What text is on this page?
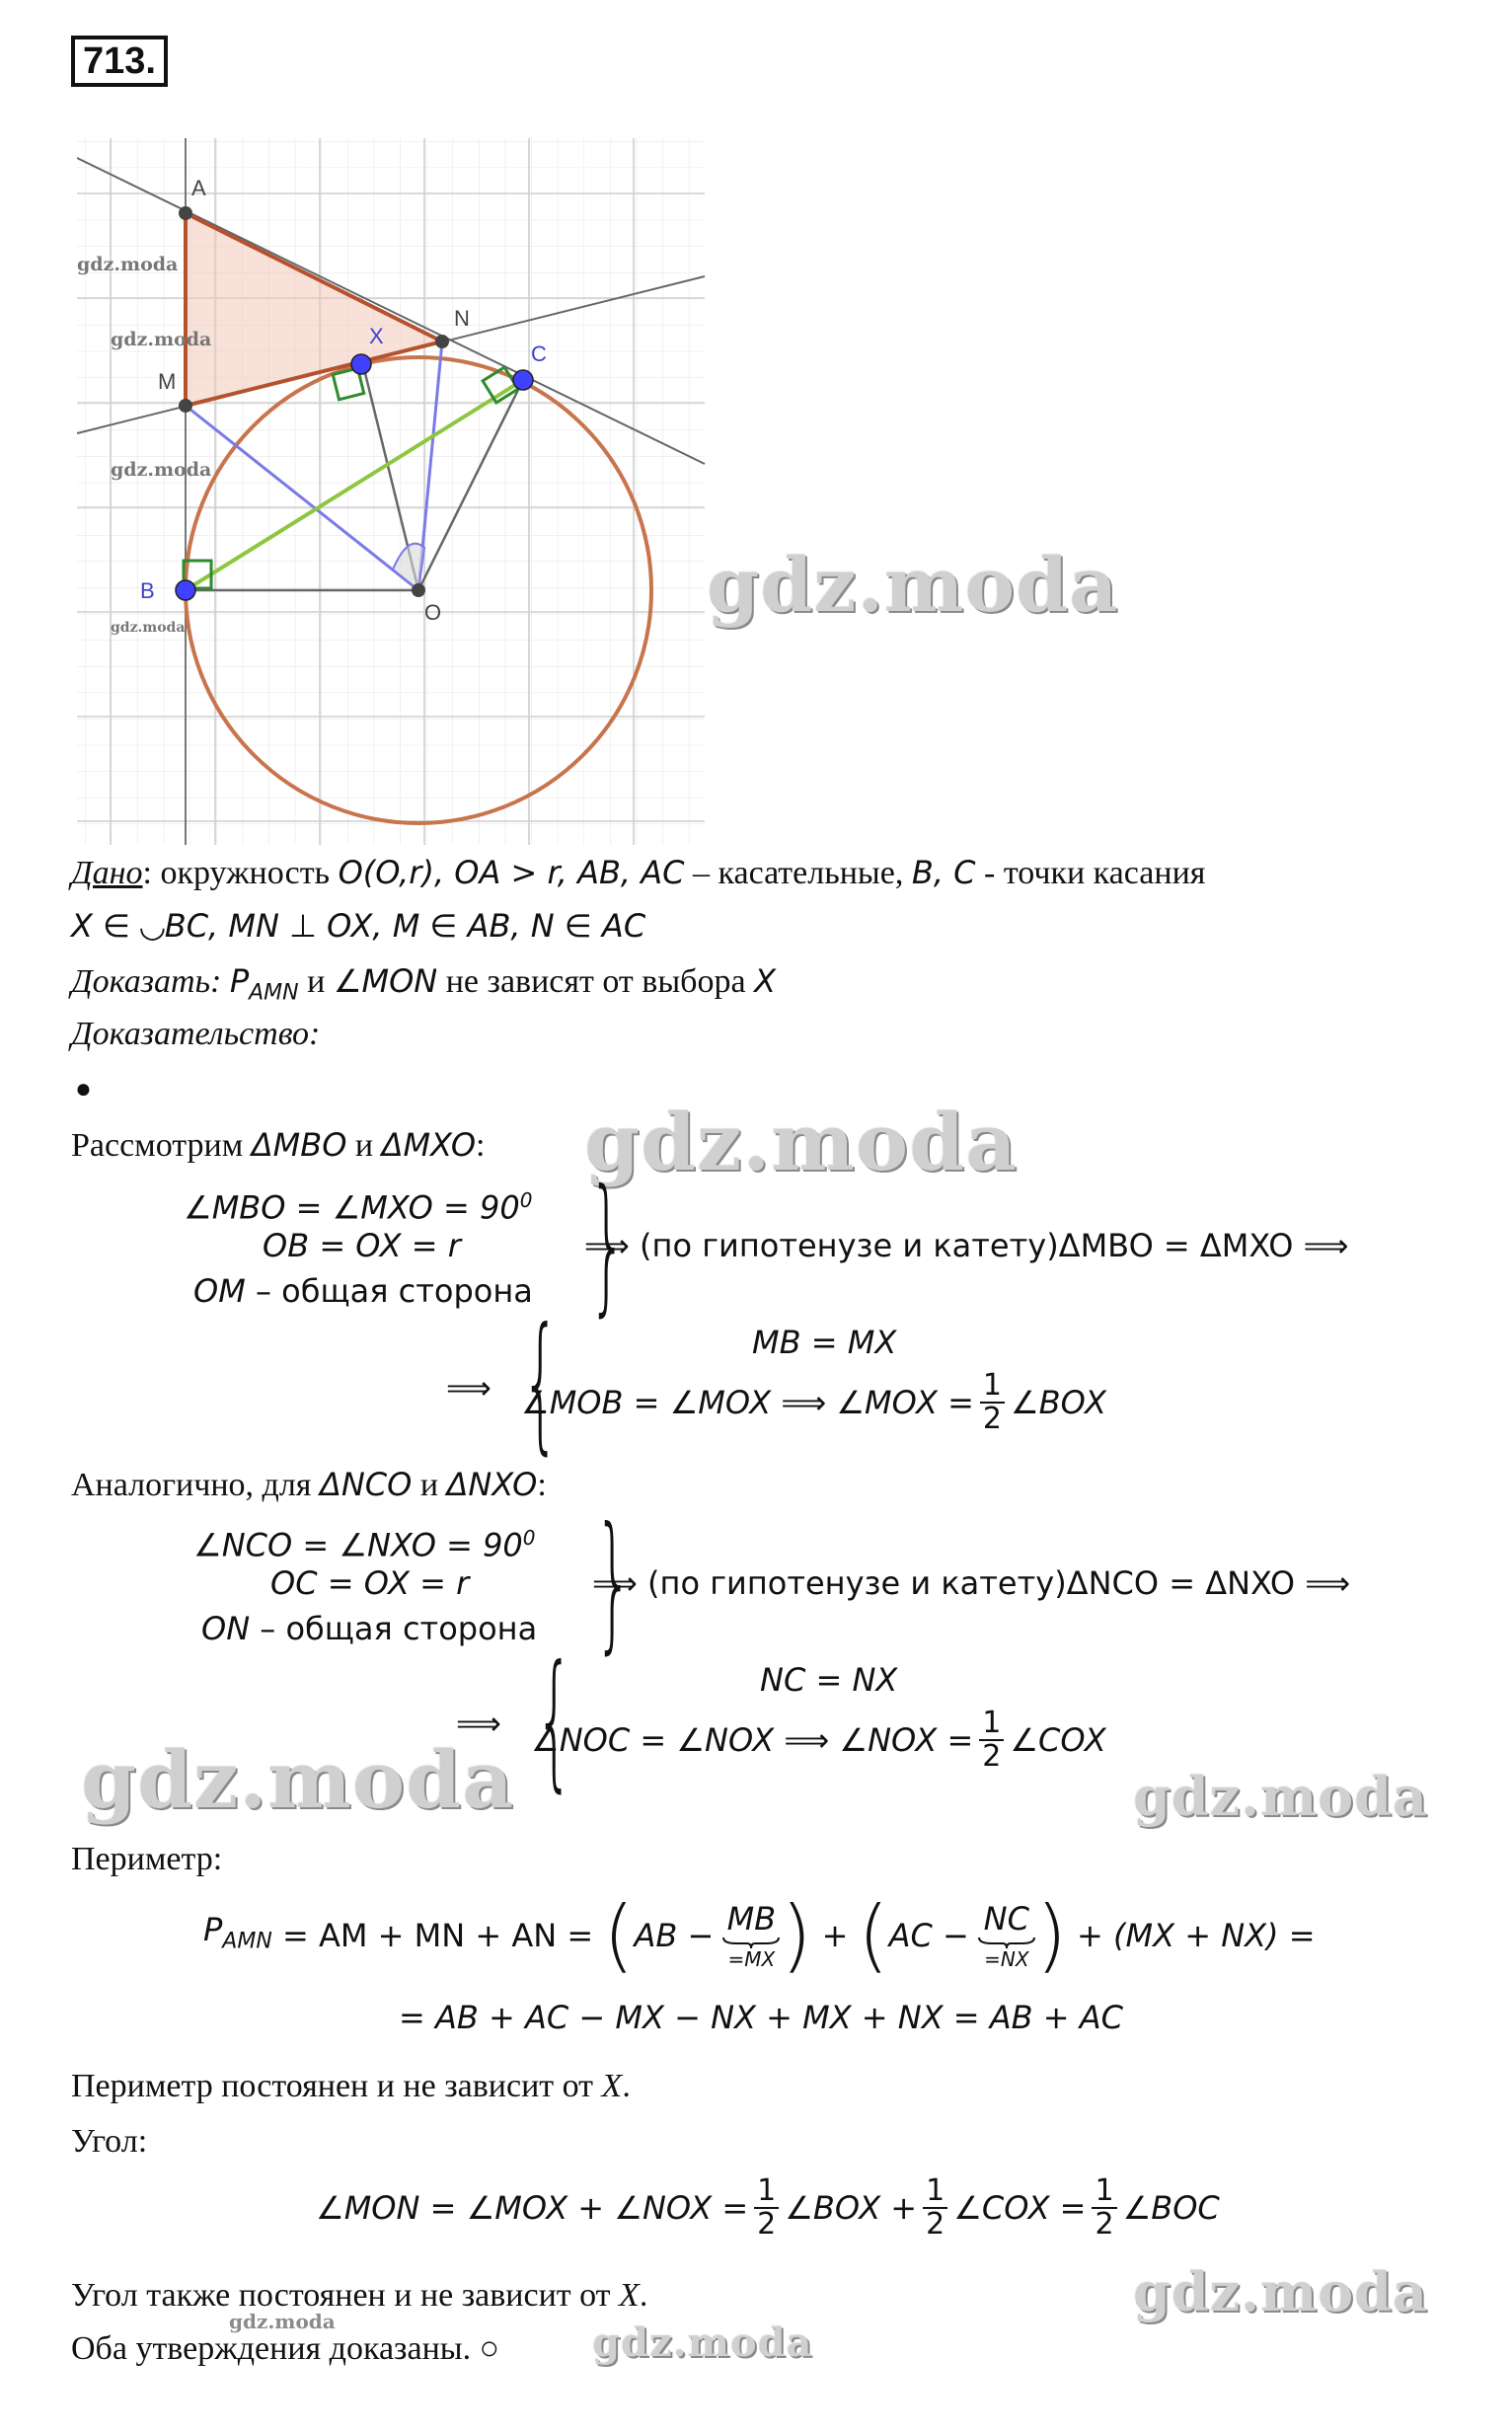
713.
A
M
B
X
N
C
O
gdz.moda
gdz.moda
gdz.moda
gdz.moda	gdz.moda
Дано: окружность O(O,r), OA > r, AB, AC – касательные, B, C - точки касания
X ∈ ◡BC, MN ⊥ OX, M ∈ AB, N ∈ AC
Доказать: $P_{AMN}$ и ∠MON не зависят от выбора X
Доказательство:
●
Рассмотрим ΔMBO и ΔMXO: gdz.moda
∠MBO = ∠MXO = $90^0$
OB = OX = r
OM – общая сторона }
⟹ (по гипотенузе и катету)ΔMBO = ΔMXO ⟹
⟹ {	MB = MX
∠MOB = ∠MOX ⟹ ∠MOX = $\frac{1}{2}$ ∠BOX
Аналогично, для ΔNCO и ΔNXO:
∠NCO = ∠NXO = $90^0$
OC = OX = r
ON – общая сторона }
⟹ (по гипотенузе и катету)ΔNCO = ΔNXO ⟹
⟹ {	NC = NX
∠NOC = ∠NOX ⟹ ∠NOX = $\frac{1}{2}$ ∠COX
gdz.moda	gdz.moda
Периметр:
$P_{AMN}$ = AM + MN + AN = ( AB − MB
=MX ) + ( AC − NC
=NX ) + (MX + NX) =
= AB + AC − MX − NX + MX + NX = AB + AC
Периметр постоянен и не зависит от X.
Угол:
∠MON = ∠MOX + ∠NOX = $\frac{1}{2}$ ∠BOX + $\frac{1}{2}$ ∠COX = $\frac{1}{2}$ ∠BOC
Угол также постоянен и не зависит от X.	gdz.moda
gdz.moda
Оба утверждения доказаны. ○ gdz.moda
